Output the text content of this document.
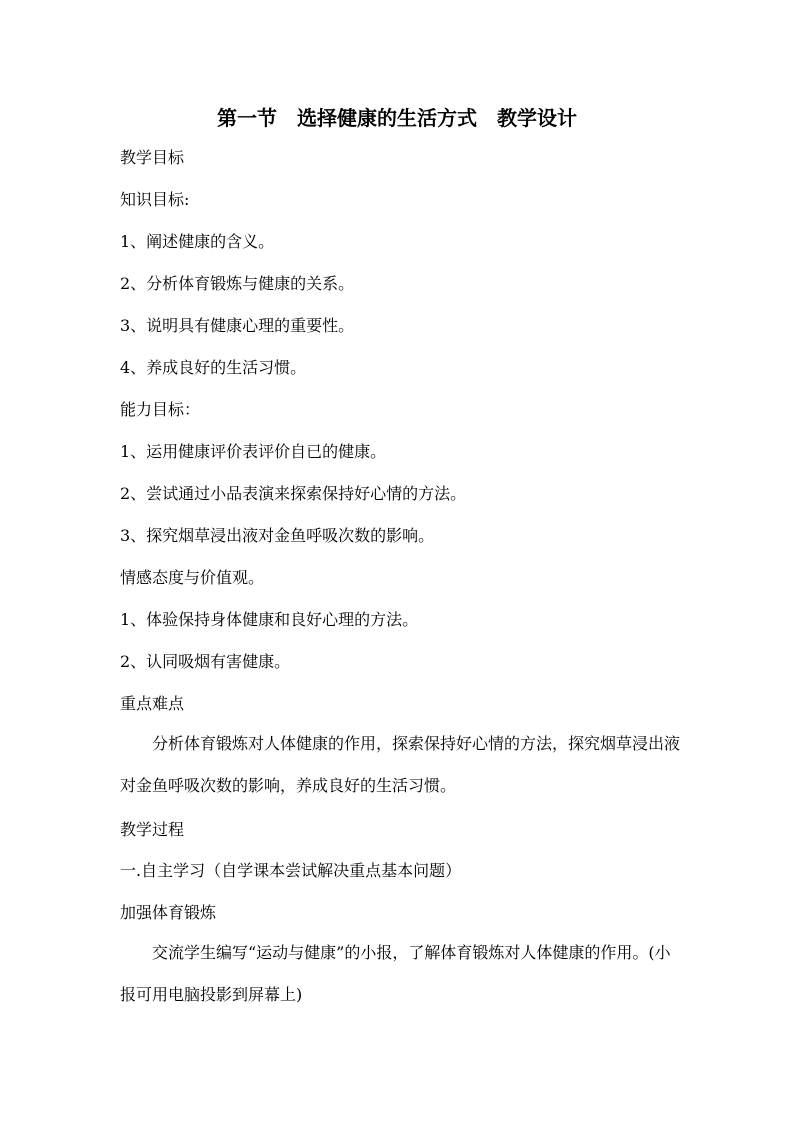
第一节　选择健康的生活方式　教学设计
教学目标
知识目标:
1、阐述健康的含义。
2、分析体育锻炼与健康的关系。
3、说明具有健康心理的重要性。
4、养成良好的生活习惯。
能力目标：
1、运用健康评价表评价自已的健康。
2、尝试通过小品表演来探索保持好心情的方法。
3、探究烟草浸出液对金鱼呼吸次数的影响。
情感态度与价值观。
1、体验保持身体健康和良好心理的方法。
2、认同吸烟有害健康。
重点难点
分析体育锻炼对人体健康的作用，探索保持好心情的方法，探究烟草浸出液对金鱼呼吸次数的影响，养成良好的生活习惯。
教学过程
一.自主学习（自学课本尝试解决重点基本问题）
加强体育锻炼
交流学生编写“运动与健康”的小报，了解体育锻炼对人体健康的作用。(小报可用电脑投影到屏幕上)
